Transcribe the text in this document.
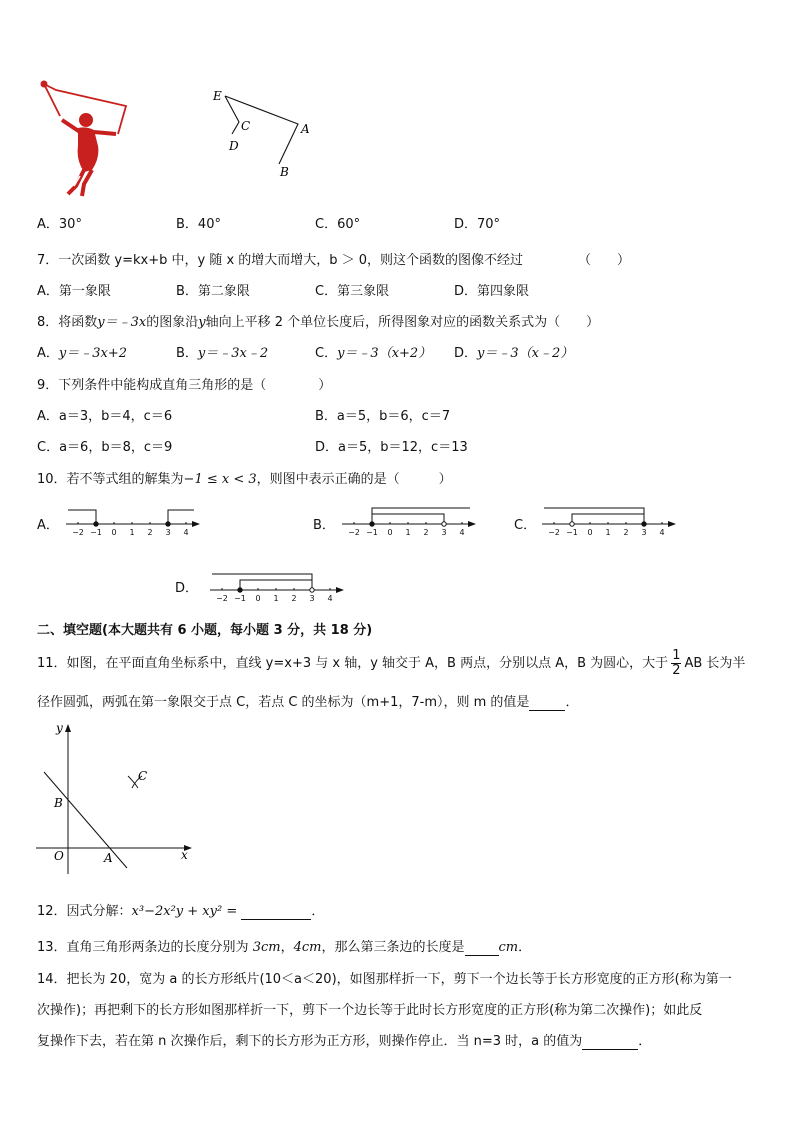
E
C	A
D
B
A．30°	B．40°	C．60°	D．70°
7．一次函数 y=kx+b 中，y 随 x 的增大而增大，b ＞ 0，则这个函数的图像不经过	（　　）
A．第一象限	B．第二象限	C．第三象限	D．第四象限
8．将函数y＝﹣3x的图象沿y轴向上平移 2 个单位长度后，所得图象对应的函数关系式为（　　）
A．y＝﹣3x+2	B．y＝﹣3x﹣2	C．y＝﹣3（x+2） D．y＝﹣3（x﹣2）
9．下列条件中能构成直角三角形的是（　　　　）
A．a＝3，b＝4，c＝6	B．a＝5，b＝6，c＝7
C．a＝6，b＝8，c＝9	D．a＝5，b＝12，c＝13
10．若不等式组的解集为−1 ≤ x < 3，则图中表示正确的是（　　　）
A． −2 −1 0 1 2 3 4	B． −2 −1 0 1 2 3 4	C． −2 −1 0 1 2 3 4
D．
−2 −1 0 1 2 3 4
二、填空题(本大题共有 6 小题，每小题 3 分，共 18 分)
11．如图，在平面直角坐标系中，直线 y=x+3 与 x 轴，y 轴交于 A，B 两点，分别以点 A，B 为圆心，大于 $\frac{1}{2}$ AB 长为半
径作圆弧，两弧在第一象限交于点 C，若点 C 的坐标为（m+1，7-m），则 m 的值是	．
y
x
O	A
B
C
12．因式分解：x³−2x²y + xy² =	．
13．直角三角形两条边的长度分别为 3cm，4cm，那么第三条边的长度是	cm．
14．把长为 20，宽为 a 的长方形纸片(10＜a＜20)，如图那样折一下，剪下一个边长等于长方形宽度的正方形(称为第一
次操作)；再把剩下的长方形如图那样折一下，剪下一个边长等于此时长方形宽度的正方形(称为第二次操作)；如此反
复操作下去，若在第 n 次操作后，剩下的长方形为正方形，则操作停止．当 n=3 时，a 的值为	．
